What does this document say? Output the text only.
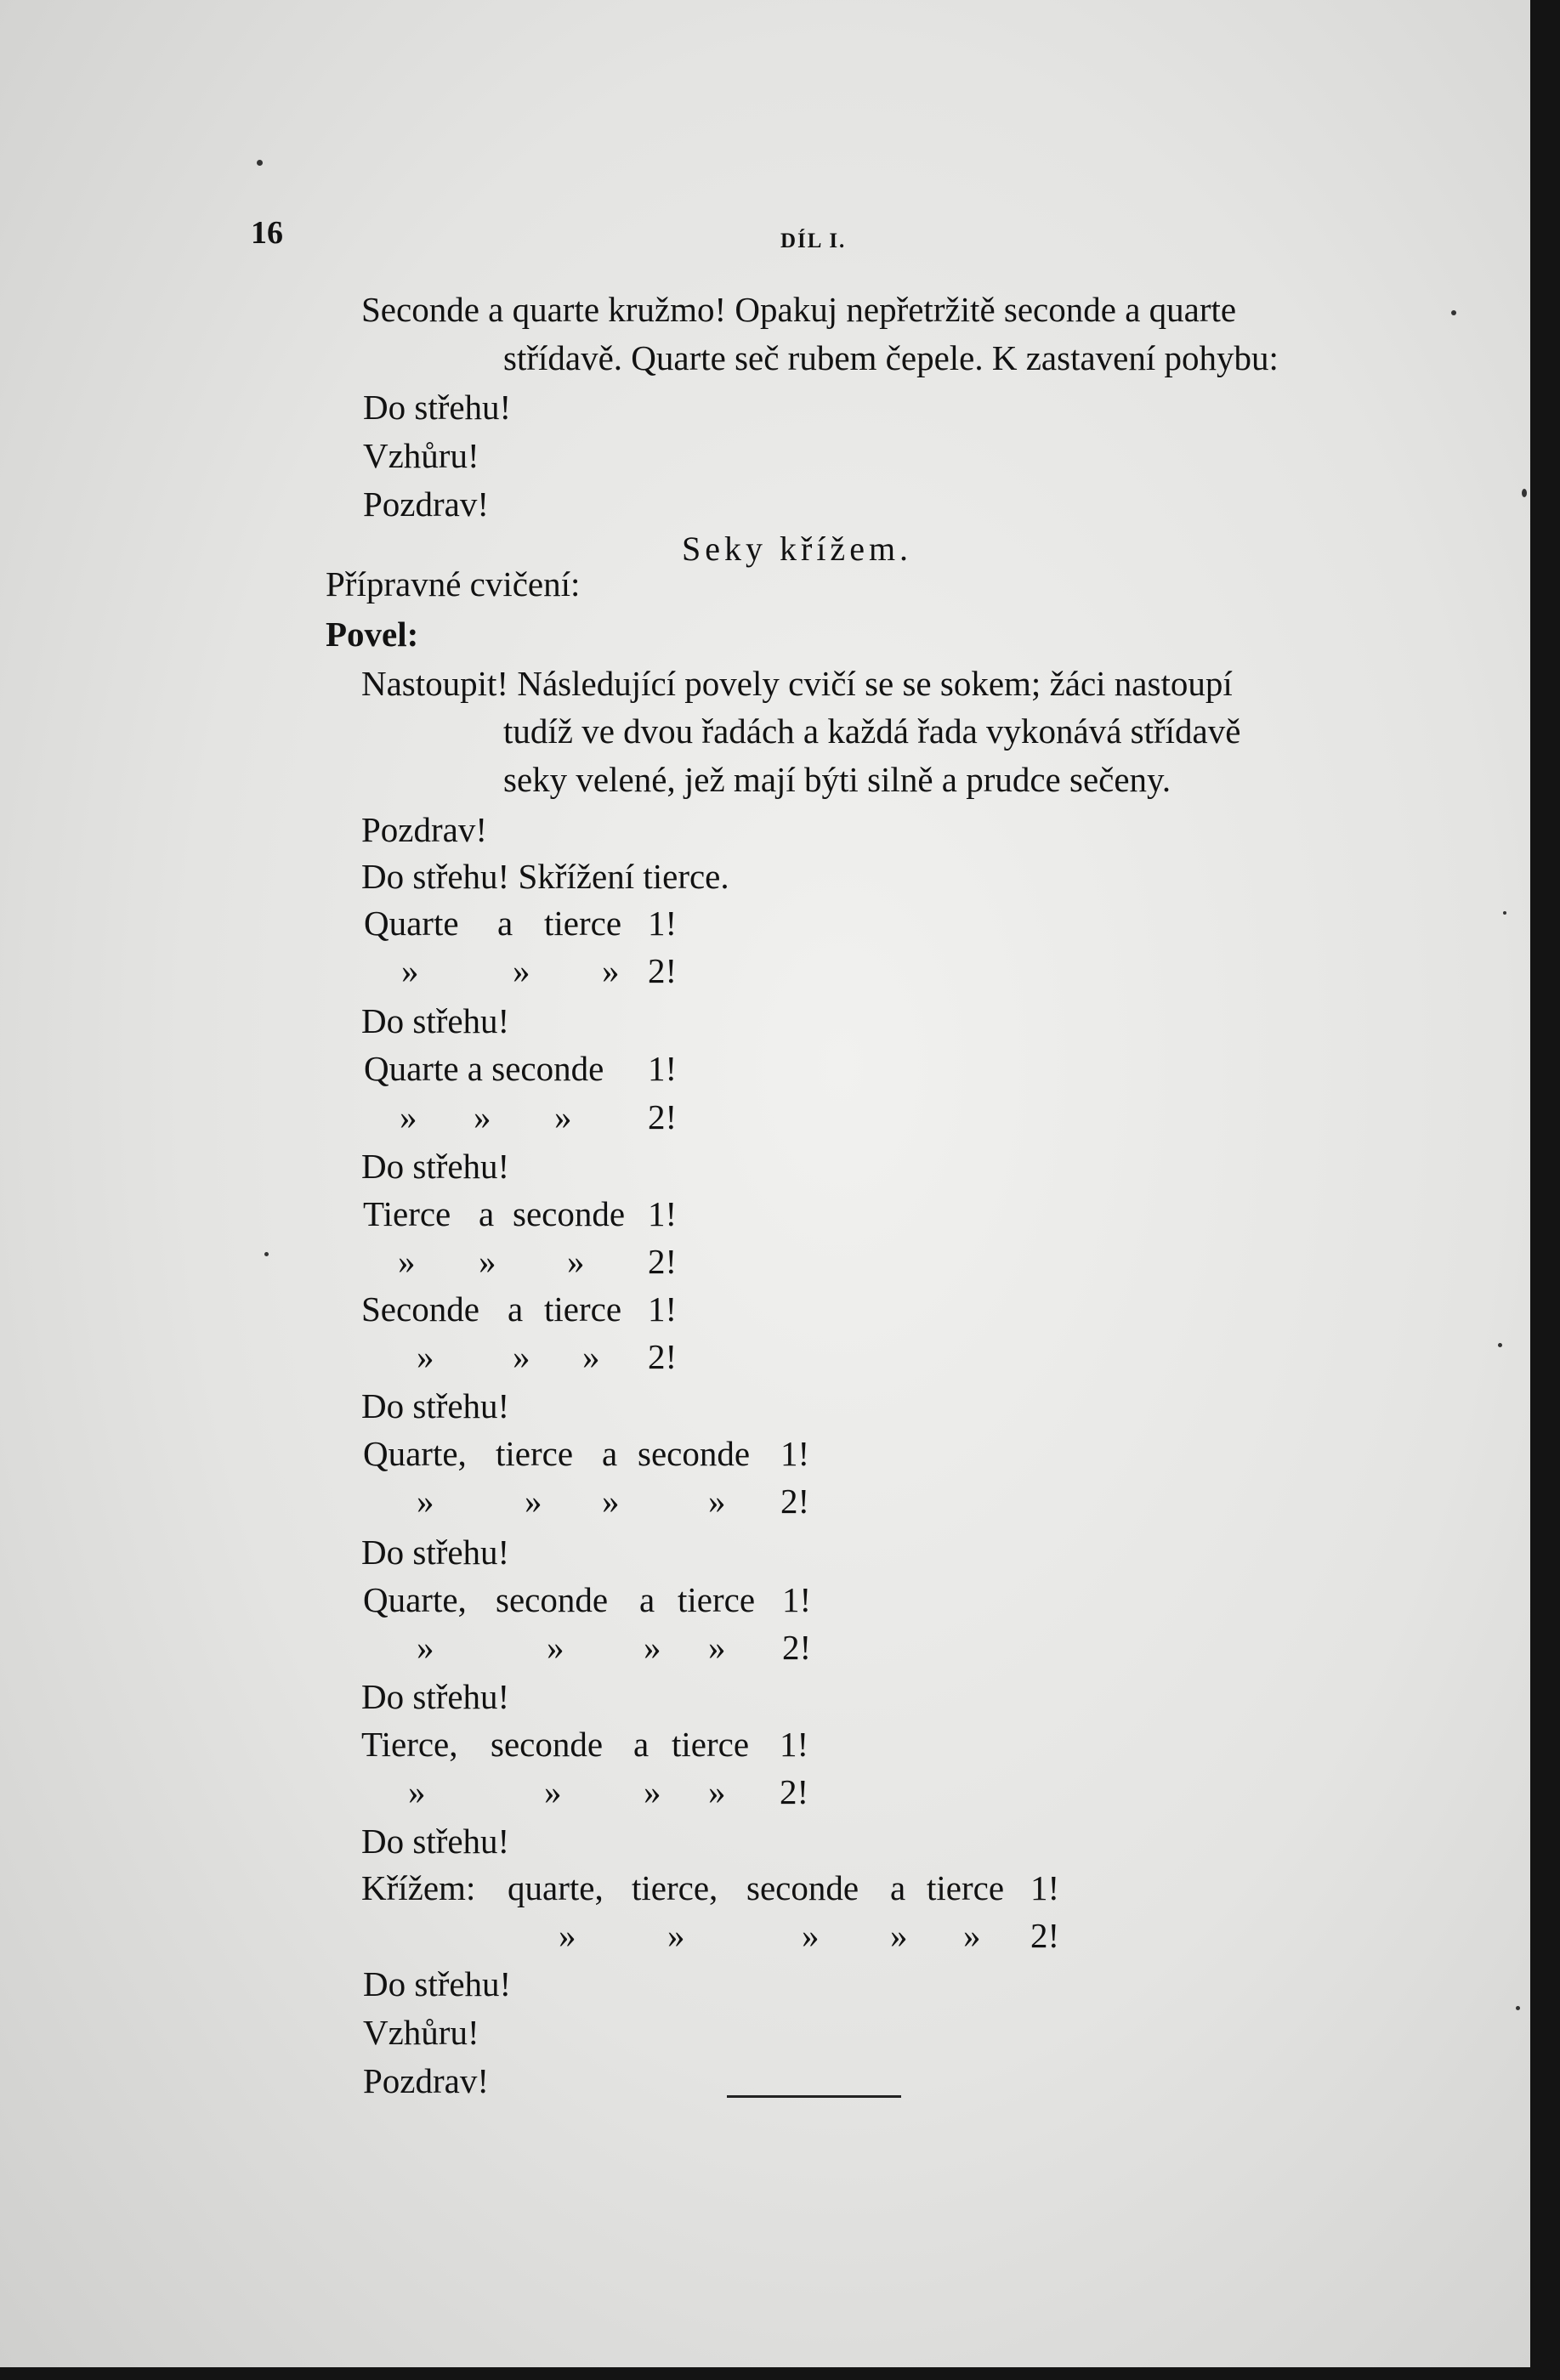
16	DÍL I.
Seconde a quarte kružmo! Opakuj nepřetržitě seconde a quarte
střídavě. Quarte seč rubem čepele. K zastavení pohybu:
Do střehu!
Vzhůru!
Pozdrav!
Seky křížem.
Přípravné cvičení:
Povel:
Nastoupit! Následující povely cvičí se se sokem; žáci nastoupí
tudíž ve dvou řadách a každá řada vykonává střídavě
seky velené, jež mají býti silně a prudce sečeny.
Pozdrav!
Do střehu! Skřížení tierce.
Quarte a tierce 1!
»	» » 2!
Do střehu!
Quarte a seconde 1!
» » » 2!
Do střehu!
Tierce a seconde 1!
» » » 2!
Seconde a tierce 1!
» » » 2!
Do střehu!
Quarte, tierce a seconde 1!
»	» »	» 2!
Do střehu!
Quarte, seconde a tierce 1!
»	» » » 2!
Do střehu!
Tierce, seconde a tierce 1!
»	» » » 2!
Do střehu!
Křížem: quarte, tierce, seconde a tierce 1!
»	»	» » » 2!
Do střehu!
Vzhůru!
Pozdrav!
